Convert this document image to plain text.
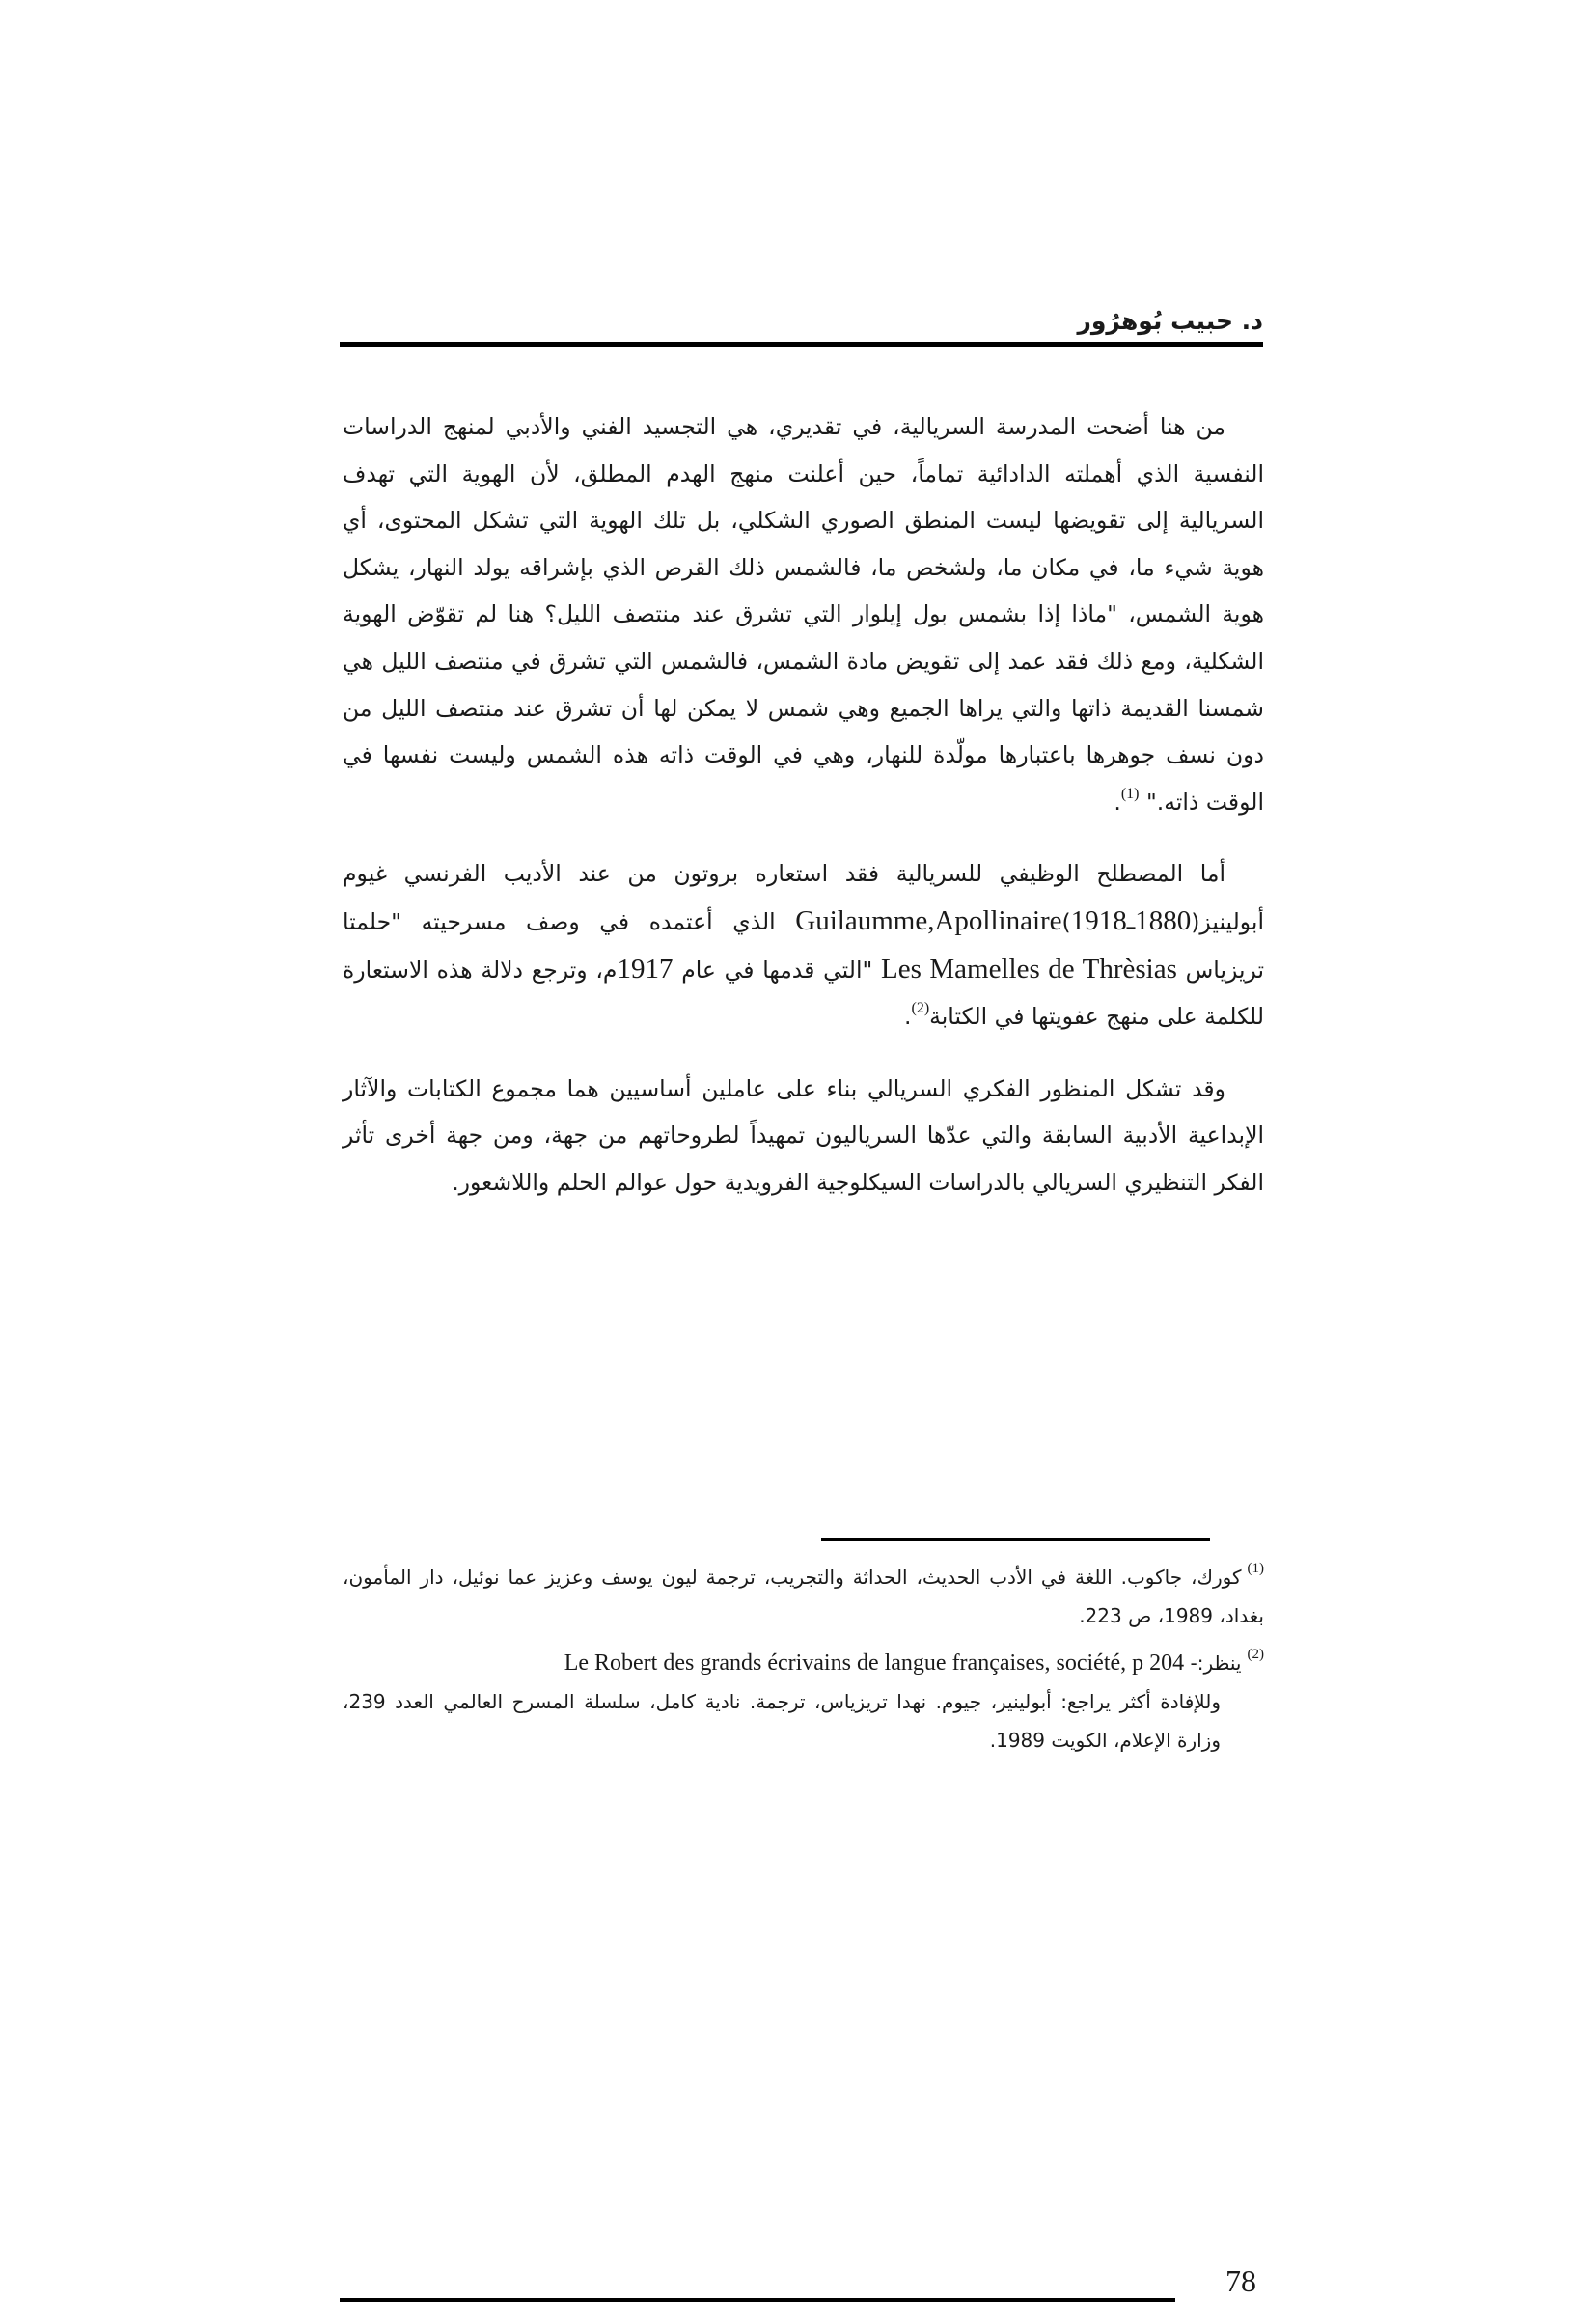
د. حبيب بُوهرُور

من هنا أضحت المدرسة السريالية، في تقديري، هي التجسيد الفني والأدبي لمنهج الدراسات النفسية الذي أهملته الدادائية تماماً، حين أعلنت منهج الهدم المطلق، لأن الهوية التي تهدف السريالية إلى تقويضها ليست المنطق الصوري الشكلي، بل تلك الهوية التي تشكل المحتوى، أي هوية شيء ما، في مكان ما، ولشخص ما، فالشمس ذلك القرص الذي بإشراقه يولد النهار، يشكل هوية الشمس، "ماذا إذا بشمس بول إيلوار التي تشرق عند منتصف الليل؟ هنا لم تقوّض الهوية الشكلية، ومع ذلك فقد عمد إلى تقويض مادة الشمس، فالشمس التي تشرق في منتصف الليل هي شمسنا القديمة ذاتها والتي يراها الجميع وهي شمس لا يمكن لها أن تشرق عند منتصف الليل من دون نسف جوهرها باعتبارها مولّدة للنهار، وهي في الوقت ذاته هذه الشمس وليست نفسها في الوقت ذاته." $^{(1)}$.

أما المصطلح الوظيفي للسريالية فقد استعاره بروتون من عند الأديب الفرنسي غيوم أبولينيز(1880ـ1918)Guilaumme,Apollinaire الذي أعتمده في وصف مسرحيته "حلمتا تريزياس Les Mamelles de Thrèsias "التي قدمها في عام 1917م، وترجع دلالة هذه الاستعارة للكلمة على منهج عفويتها في الكتابة$^{(2)}$.

وقد تشكل المنظور الفكري السريالي بناء على عاملين أساسيين هما مجموع الكتابات والآثار الإبداعية الأدبية السابقة والتي عدّها السرياليون تمهيداً لطروحاتهم من جهة، ومن جهة أخرى تأثر الفكر التنظيري السريالي بالدراسات السيكلوجية الفرويدية حول عوالم الحلم واللاشعور.

$^{(1)}$كورك، جاكوب. اللغة في الأدب الحديث، الحداثة والتجريب، ترجمة ليون يوسف وعزيز عما نوئيل، دار المأمون، بغداد، 1989، ص 223.

$^{(2)}$ينظر:- Le Robert des grands écrivains de langue françaises, société, p 204

وللإفادة أكثر يراجع: أبولينير، جيوم. نهدا تريزياس، ترجمة. نادية كامل، سلسلة المسرح العالمي العدد 239، وزارة الإعلام، الكويت 1989.

78
